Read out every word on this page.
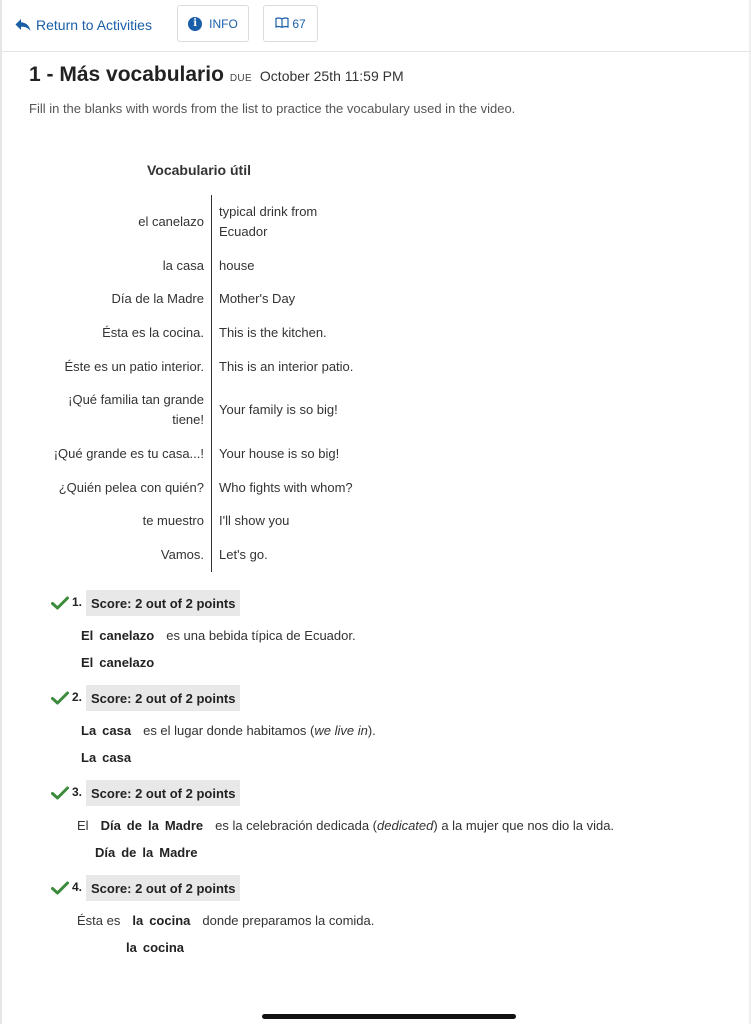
Return to Activities	i	INFO	67
1 - Más vocabulario DUE October 25th 11:59 PM
Fill in the blanks with words from the list to practice the vocabulary used in the video.
Vocabulario útil
el canelazo
typical drink from Ecuador
la casa house
Día de la Madre Mother's Day
Ésta es la cocina. This is the kitchen.
Éste es un patio interior. This is an interior patio.
¡Qué familia tan grande tiene!
Your family is so big!
¡Qué grande es tu casa...! Your house is so big!
¿Quién pelea con quién? Who fights with whom?
te muestro I'll show you
Vamos. Let's go.
1. Score: 2 out of 2 points
El canelazo es una bebida típica de Ecuador.
El canelazo
2. Score: 2 out of 2 points
La casa es el lugar donde habitamos (we live in).
La casa
3. Score: 2 out of 2 points
El Día de la Madre es la celebración dedicada (dedicated) a la mujer que nos dio la vida.
Día de la Madre
4. Score: 2 out of 2 points
Ésta es la cocina donde preparamos la comida.
la cocina
